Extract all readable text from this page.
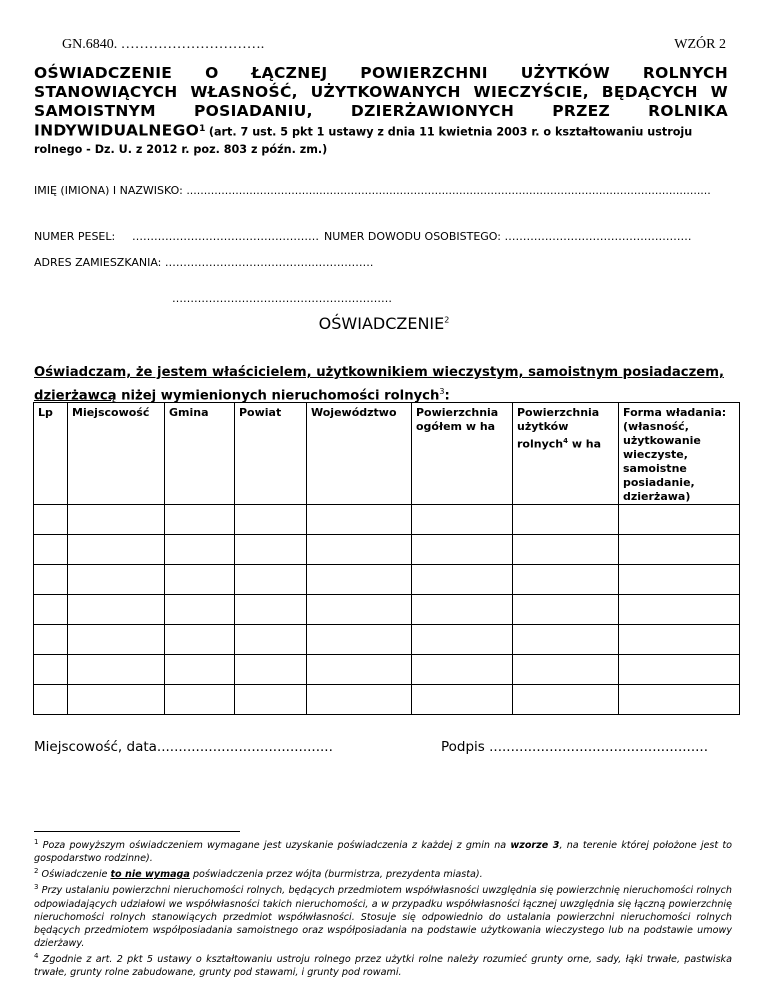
GN.6840. ………………………….	WZÓR 2
OŚWIADCZENIE O ŁĄCZNEJ POWIERZCHNI UŻYTKÓW ROLNYCH STANOWIĄCYCH WŁASNOŚĆ, UŻYTKOWANYCH WIECZYŚCIE, BĘDĄCYCH W SAMOISTNYM POSIADANIU, DZIERŻAWIONYCH PRZEZ ROLNIKA
INDYWIDUALNEGO$^1$ (art. 7 ust. 5 pkt 1 ustawy z dnia 11 kwietnia 2003 r. o kształtowaniu ustroju rolnego - Dz. U. z 2012 r. poz. 803 z późn. zm.)
IMIĘ (IMIONA) I NAZWISKO: ......................................................................................................................................................
NUMER PESEL: …………………………………………… NUMER DOWODU OSOBISTEGO: ……………………………………………
ADRES ZAMIESZKANIA: …………………………………..…………….
……………………………………………………
OŚWIADCZENIE$^2$
Oświadczam, że jestem właścicielem, użytkownikiem wieczystym, samoistnym posiadaczem, dzierżawcą niżej wymienionych nieruchomości rolnych$^3$:
Lp	Miejscowość	Gmina	Powiat	Województwo	Powierzchnia ogółem w ha	Powierzchnia użytków rolnych$^4$ w ha	Forma władania: (własność, użytkowanie wieczyste, samoistne posiadanie, dzierżawa)

Miejscowość, data.........................................	Podpis ...................................................

$^1$ Poza powyższym oświadczeniem wymagane jest uzyskanie poświadczenia z każdej z gmin na wzorze 3, na terenie której położone jest to gospodarstwo rodzinne).

$^2$ Oświadczenie to nie wymaga poświadczenia przez wójta (burmistrza, prezydenta miasta).

$^3$ Przy ustalaniu powierzchni nieruchomości rolnych, będących przedmiotem współwłasności uwzględnia się powierzchnię nieruchomości rolnych odpowiadających udziałowi we współwłasności takich nieruchomości, a w przypadku współwłasności łącznej uwzględnia się łączną powierzchnię nieruchomości rolnych stanowiących przedmiot współwłasności. Stosuje się odpowiednio do ustalania powierzchni nieruchomości rolnych będących przedmiotem współposiadania samoistnego oraz współposiadania na podstawie użytkowania wieczystego lub na podstawie umowy dzierżawy.

$^4$ Zgodnie z art. 2 pkt 5 ustawy o kształtowaniu ustroju rolnego przez użytki rolne należy rozumieć grunty orne, sady, łąki trwałe, pastwiska trwałe, grunty rolne zabudowane, grunty pod stawami, i grunty pod rowami.
